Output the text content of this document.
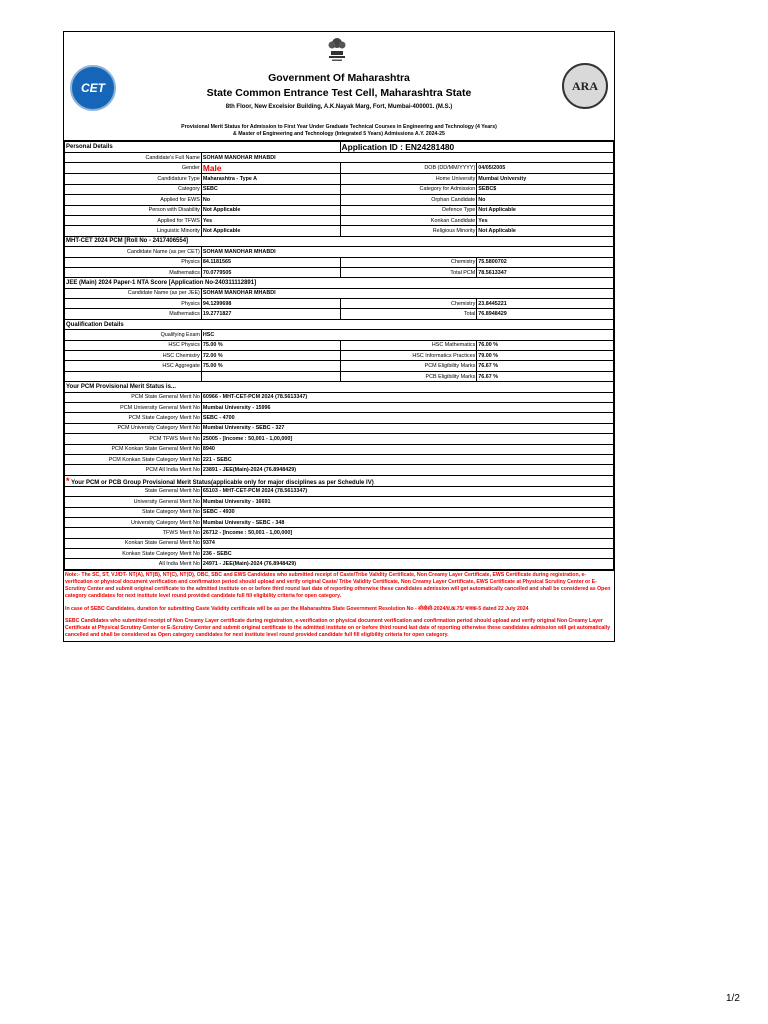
CET	ARA
Government Of Maharashtra
State Common Entrance Test Cell, Maharashtra State
8th Floor, New Excelsior Building, A.K.Nayak Marg, Fort, Mumbai-400001. (M.S.)
Provisional Merit Status for Admission to First Year Under Graduate Technical Courses in Engineering and Technology (4 Years)
& Master of Engineering and Technology (Integrated 5 Years) Admissions A.Y. 2024-25
Personal Details		Application ID : EN24281480	
Candidate's Full Name	SOHAM MANOHAR MHABDI		
Gender	Male	DOB (DD/MM/YYYY)	04/05/2005
Candidature Type	Maharashtra - Type A	Home University	Mumbai University
Category	SEBC	Category for Admission	SEBC$
Applied for EWS	No	Orphan Candidate	No
Person with Disability	Not Applicable	Defence Type	Not Applicable
Applied for TFWS	Yes	Konkan Candidate	Yes
Linguistic Minority	Not Applicable	Religious Minority	Not Applicable
MHT-CET 2024 PCM [Roll No - 2417406554]			
Candidate Name (as per CET)	SOHAM MANOHAR MHABDI		
Physics	84.1181565	Chemistry	75.5800702
Mathematics	70.0779505	Total PCM	78.5613347
JEE (Main) 2024 Paper-1 NTA Score [Application No-240311112891]			
Candidate Name (as per JEE)	SOHAM MANOHAR MHABDI		
Physics	94.1299698	Chemistry	23.8445221
Mathematics	19.2771827	Total	76.8948429
Qualification Details			
Qualifying Exam	HSC		
HSC Physics	75.00 %	HSC Mathematics	76.00 %
HSC Chemistry	72.00 %	HSC Informatics Practices	79.00 %
HSC Aggregate	75.00 %	PCM Eligibility Marks	76.67 %
		PCB Eligibility Marks	76.67 %
Your PCM Provisional Merit Status is...			
PCM State General Merit No	60966 - MHT-CET-PCM 2024 (78.5613347)		
PCM University General Merit No	Mumbai University - 15996		
PCM State Category Merit No	SEBC - 4700		
PCM University Category Merit No	Mumbai University - SEBC - 327		
PCM TFWS Merit No	25005 - [Income : 50,001 - 1,00,000]		
PCM Konkan State General Merit No	8940		
PCM Konkan State Category Merit No	221 - SEBC		
PCM All India Merit No	23891 - JEE(Main)-2024 (76.8948429)		
* Your PCM or PCB Group Provisional Merit Status(applicable only for major disciplines as per Schedule IV)			
State General Merit No	65103 - MHT-CET-PCM 2024 (78.5613347)		
University General Merit No	Mumbai University - 16691		
State Category Merit No	SEBC - 4930		
University Category Merit No	Mumbai University - SEBC - 348		
TFWS Merit No	26712 - [Income : 50,001 - 1,00,000]		
Konkan State General Merit No	9374		
Konkan State Category Merit No	236 - SEBC		
All India Merit No	24971 - JEE(Main)-2024 (76.8948429)		

Note:- The SC, ST, VJ/DT- NT(A), NT(B), NT(C), NT(D), OBC, SBC and EWS Candidates who submitted receipt of Caste/Tribe Validity Certificate, Non Creamy Layer Certificate, EWS Certificate during registration, e-verification or physical document verification and confirmation period should upload and verify original Caste/ Tribe Validity Certificate, Non Creamy Layer Certificate, EWS Certificate at Physical Scrutiny Center or E-Scrutiny Center and submit original certificate to the admitted institute on or before third round last date of reporting otherwise these candidates admission will get automatically cancelled and shall be considered as Open category candidates for next institute level round provided candidate full fill eligibility criteria for open category.

In case of SEBC Candidates, duration for submitting Caste Validity certificate will be as per the Maharashtra State Government Resolution No - सीबीसी-2024/प्र.क्र.75/ मावक-5 dated 22 July 2024

SEBC Candidates who submitted receipt of Non Creamy Layer certificate during registration, e-verification or physical document verification and confirmation period should upload and verify original Non Creamy Layer Certificate at Physical Scrutiny Center or E-Scrutiny Center and submit original certificate to the admitted institute on or before third round last date of reporting otherwise these candidates admission will get automatically cancelled and shall be considered as Open category candidates for next institute level round provided candidate full fill eligibility criteria for open category.

1/2
